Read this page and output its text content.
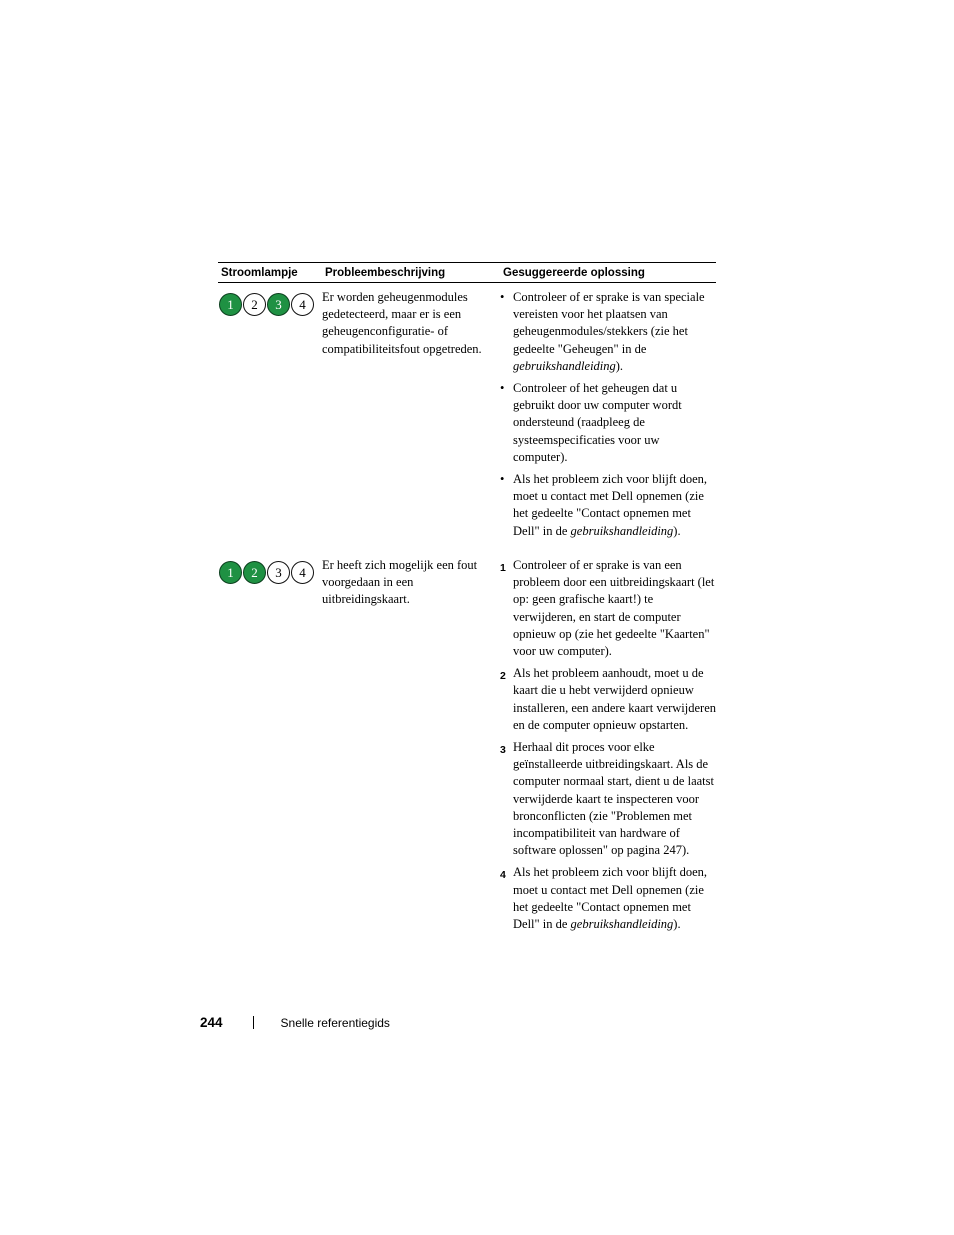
Stroomlampje	Probleembeschrijving	Gesuggereerde oplossing
1	2	3	4	Er worden geheugenmodules gedetecteerd, maar er is een geheugenconfiguratie- of compatibiliteitsfout opgetreden.
• Controleer of er sprake is van speciale vereisten voor het plaatsen van geheugenmodules/stekkers (zie het gedeelte "Geheugen" in de gebruikshandleiding).
• Controleer of het geheugen dat u gebruikt door uw computer wordt ondersteund (raadpleeg de systeemspecificaties voor uw computer).
• Als het probleem zich voor blijft doen, moet u contact met Dell opnemen (zie het gedeelte "Contact opnemen met Dell" in de gebruikshandleiding).
1	2	3	4	Er heeft zich mogelijk een fout voorgedaan in een uitbreidingskaart.
1 Controleer of er sprake is van een probleem door een uitbreidingskaart (let op: geen grafische kaart!) te verwijderen, en start de computer opnieuw op (zie het gedeelte "Kaarten" voor uw computer).
2 Als het probleem aanhoudt, moet u de kaart die u hebt verwijderd opnieuw installeren, een andere kaart verwijderen en de computer opnieuw opstarten.
3 Herhaal dit proces voor elke geïnstalleerde uitbreidingskaart. Als de computer normaal start, dient u de laatst verwijderde kaart te inspecteren voor bronconflicten (zie "Problemen met incompatibiliteit van hardware of software oplossen" op pagina 247).
4 Als het probleem zich voor blijft doen, moet u contact met Dell opnemen (zie het gedeelte "Contact opnemen met Dell" in de gebruikshandleiding).
244	Snelle referentiegids
